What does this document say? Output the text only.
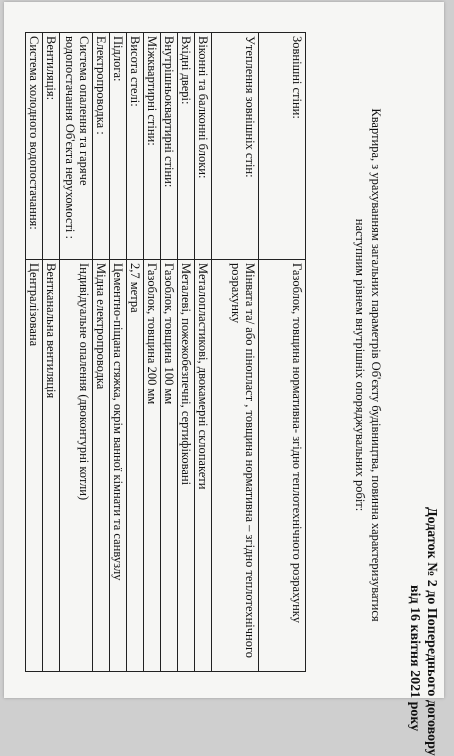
Додаток № 2 до Попереднього договору
від 16 квітня 2021 року
Квартира, з урахуванням загальних параметрів Об'єкту будівництва, повинна характеризуватися
наступним рівнем внутрішніх опоряджувальних робіт:
Зовнішні стіни:	Газоблок, товщина нормативна- згідно теплотехнічного розрахунку
Утеплення зовнішніх стін:	Мінвата та/ або пінопласт , товщина нормативна – згідно теплотехнічного розрахунку
Віконні та балконні блоки:	Металопластикові, двокамерні склопакети
Вхідні двері:	Металеві, пожежобезпечні, сертифіковані
Внутрішньоквартирні стіни:	Газоблок, товщина 100 мм
Міжквартирні стіни:	Газоблок, товщина 200 мм
Висота стелі:	2,7 метра
Підлога:	Цементно-піщана стяжка, окрім ванної кімнати та санвузлу
Електропроводка :	Мідна електропроводка
Система опалення та гаряче водопостачання Об'єкта нерухомості :	Індивідуальне опалення (двоконтурні котли)
Вентиляція:	Вентканальна вентиляція
Система холодного водопостачання:	Централізована
